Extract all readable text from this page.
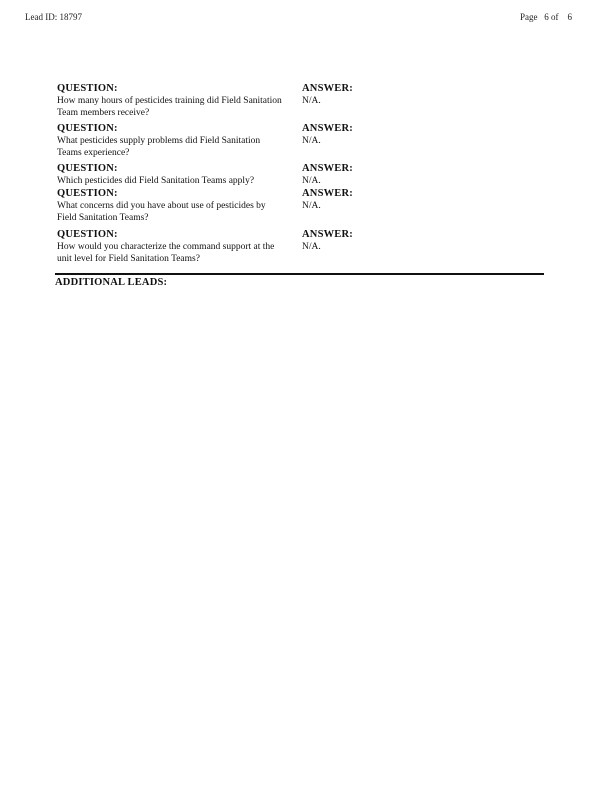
Lead ID: 18797	Page   6 of    6
QUESTION:	ANSWER:
How many hours of pesticides training did Field Sanitation Team members receive?
N/A.
QUESTION:	ANSWER:
What pesticides supply problems did Field Sanitation Teams experience?
N/A.
QUESTION:	ANSWER:
Which pesticides did Field Sanitation Teams apply?	N/A.
QUESTION:	ANSWER:
What concerns did you have about use of pesticides by Field Sanitation Teams?
N/A.
QUESTION:	ANSWER:
How would you characterize the command support at the unit level for Field Sanitation Teams?
N/A.
ADDITIONAL LEADS:
